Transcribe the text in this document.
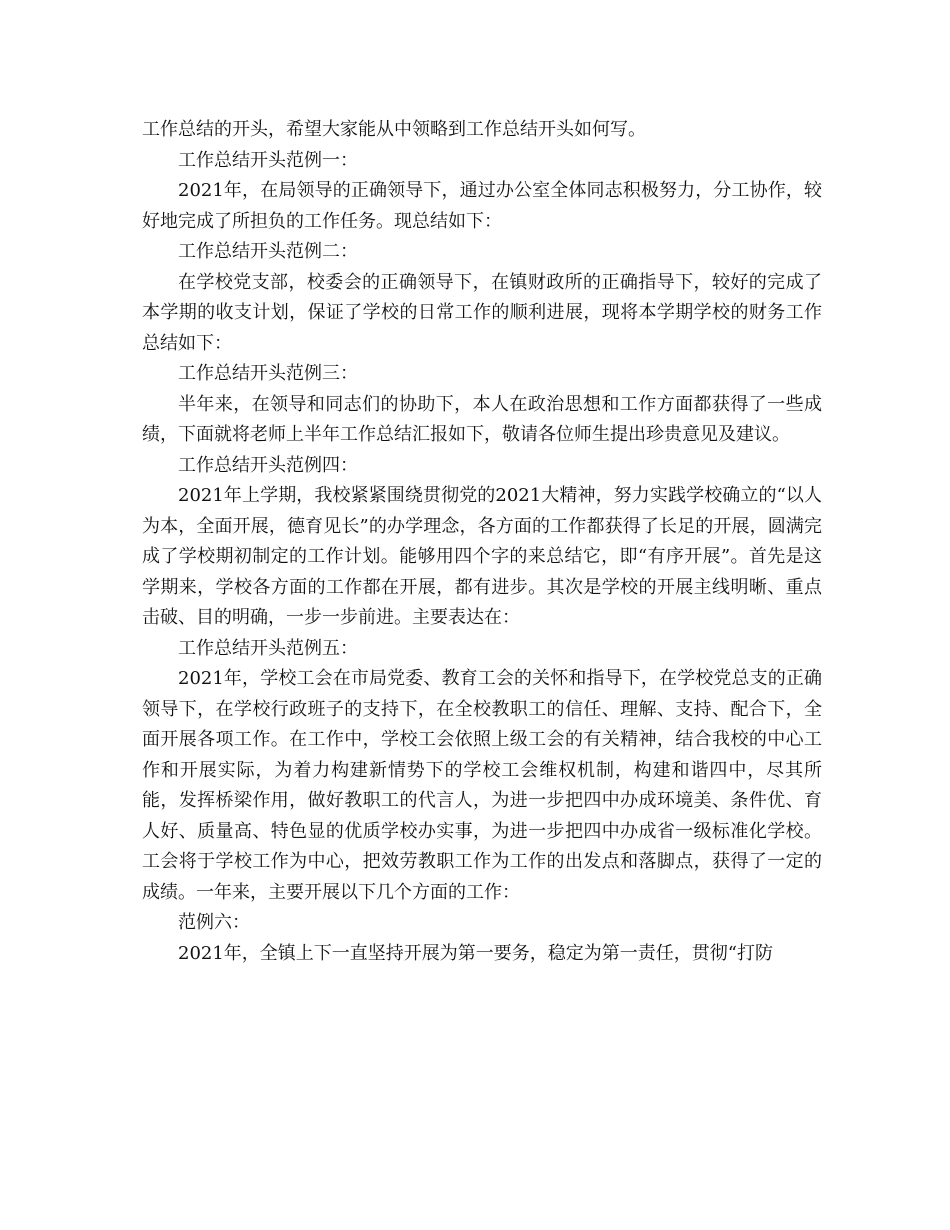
工作总结的开头，希望大家能从中领略到工作总结开头如何写。

工作总结开头范例一：

2021年，在局领导的正确领导下，通过办公室全体同志积极努力，分工协作，较好地完成了所担负的工作任务。现总结如下：

工作总结开头范例二：

在学校党支部，校委会的正确领导下，在镇财政所的正确指导下，较好的完成了本学期的收支计划，保证了学校的日常工作的顺利进展，现将本学期学校的财务工作总结如下：

工作总结开头范例三：

半年来，在领导和同志们的协助下，本人在政治思想和工作方面都获得了一些成绩，下面就将老师上半年工作总结汇报如下，敬请各位师生提出珍贵意见及建议。

工作总结开头范例四：

2021年上学期，我校紧紧围绕贯彻党的2021大精神，努力实践学校确立的“以人为本，全面开展，德育见长”的办学理念，各方面的工作都获得了长足的开展，圆满完成了学校期初制定的工作计划。能够用四个字的来总结它，即“有序开展”。首先是这学期来，学校各方面的工作都在开展，都有进步。其次是学校的开展主线明晰、重点击破、目的明确，一步一步前进。主要表达在：

工作总结开头范例五：

2021年，学校工会在市局党委、教育工会的关怀和指导下，在学校党总支的正确领导下，在学校行政班子的支持下，在全校教职工的信任、理解、支持、配合下，全面开展各项工作。在工作中，学校工会依照上级工会的有关精神，结合我校的中心工作和开展实际，为着力构建新情势下的学校工会维权机制，构建和谐四中，尽其所能，发挥桥梁作用，做好教职工的代言人，为进一步把四中办成环境美、条件优、育人好、质量高、特色显的优质学校办实事，为进一步把四中办成省一级标准化学校。工会将于学校工作为中心，把效劳教职工作为工作的出发点和落脚点，获得了一定的成绩。一年来，主要开展以下几个方面的工作：

范例六：

2021年，全镇上下一直坚持开展为第一要务，稳定为第一责任，贯彻“打防
